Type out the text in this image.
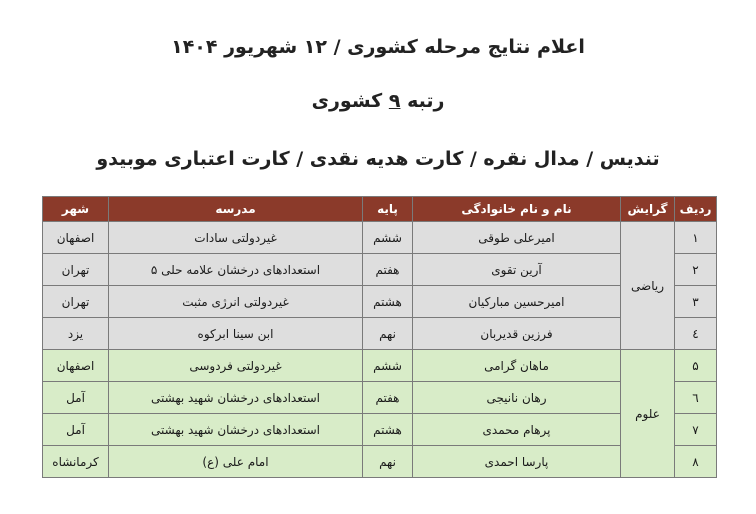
اعلام نتایج مرحله کشوری / ۱۲ شهریور ۱۴۰۴
رتبه ۹ کشوری
تندیس / مدال نقره / کارت هدیه نقدی / کارت اعتباری موبیدو
ردیف	گرایش	نام و نام خانوادگی	پایه	مدرسه	شهر
۱	ریاضی	امیرعلی طوقی	ششم	غیردولتی سادات	اصفهان
۲		آرین تقوی	هفتم	استعدادهای درخشان علامه حلی ۵	تهران
۳		امیرحسین مبارکیان	هشتم	غیردولتی انرژی مثبت	تهران
٤		فرزین قدیربان	نهم	ابن سینا ابرکوه	یزد
۵	علوم	ماهان گرامی	ششم	غیردولتی فردوسی	اصفهان
٦		رهان نانیجی	هفتم	استعدادهای درخشان شهید بهشتی	آمل
۷		پرهام محمدی	هشتم	استعدادهای درخشان شهید بهشتی	آمل
۸		پارسا احمدی	نهم	امام علی (ع)	کرمانشاه
